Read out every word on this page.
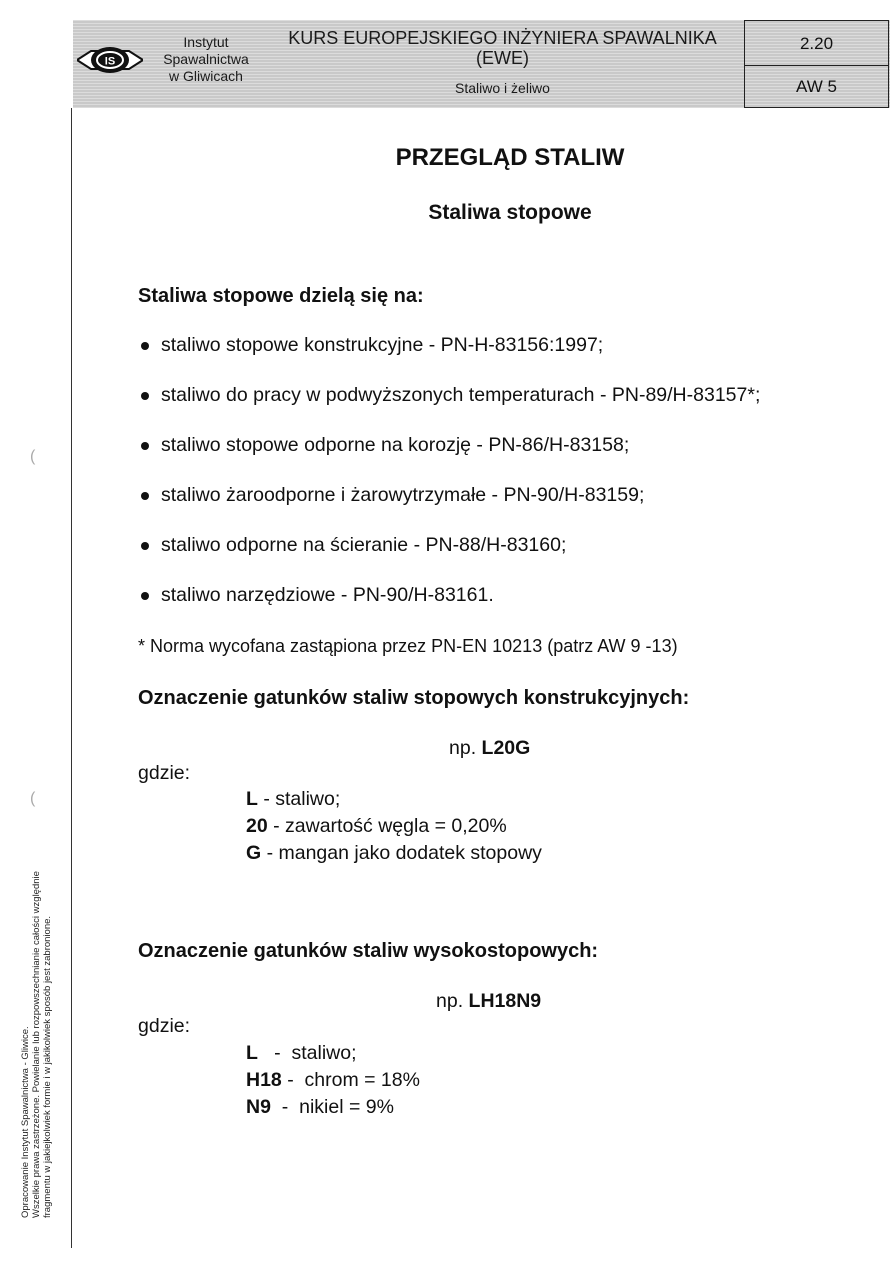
IS
Instytut
Spawalnictwa
w Gliwicach
KURS EUROPEJSKIEGO INŻYNIERA SPAWALNIKA
(EWE)
Staliwo i żeliwo
2.20
AW 5
PRZEGLĄD STALIW
Staliwa stopowe
Staliwa stopowe dzielą się na:
staliwo stopowe konstrukcyjne - PN-H-83156:1997;
staliwo do pracy w podwyższonych temperaturach - PN-89/H-83157*;
staliwo stopowe odporne na korozję - PN-86/H-83158;
staliwo żaroodporne i żarowytrzymałe - PN-90/H-83159;
staliwo odporne na ścieranie - PN-88/H-83160;
staliwo narzędziowe - PN-90/H-83161.
* Norma wycofana zastąpiona przez PN-EN 10213 (patrz AW 9 -13)
Oznaczenie gatunków staliw stopowych konstrukcyjnych:
np. L20G
gdzie:
L - staliwo;
20 - zawartość węgla = 0,20%
G - mangan jako dodatek stopowy
Oznaczenie gatunków staliw wysokostopowych:
np. LH18N9
gdzie:
L   -  staliwo;
H18 -  chrom = 18%
N9  -  nikiel = 9%
Opracowanie Instytut Spawalnictwa - Gliwice. Wszelkie prawa zastrzeżone. Powielanie lub rozpowszechnianie całości względnie fragmentu w jakiejkolwiek formie i w jakikolwiek sposób jest zabronione.
(
(
